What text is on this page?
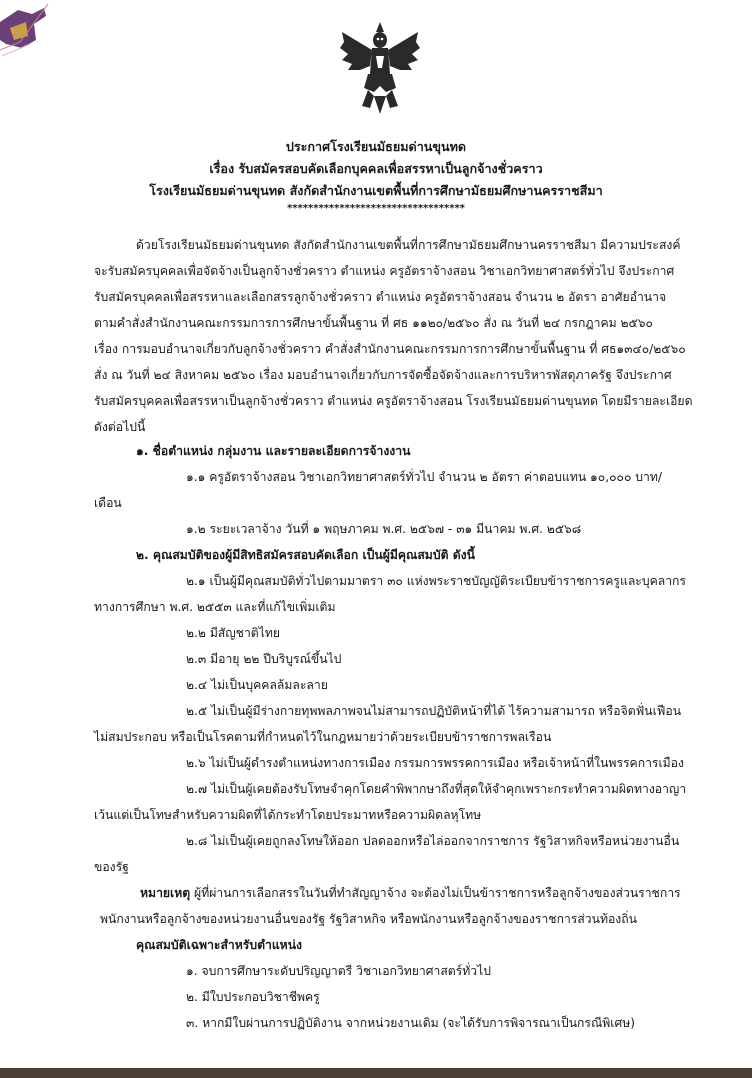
ประกาศโรงเรียนมัธยมด่านขุนทด
เรื่อง รับสมัครสอบคัดเลือกบุคคลเพื่อสรรหาเป็นลูกจ้างชั่วคราว
โรงเรียนมัธยมด่านขุนทด สังกัดสำนักงานเขตพื้นที่การศึกษามัธยมศึกษานครราชสีมา
**********************************
ด้วยโรงเรียนมัธยมด่านขุนทด สังกัดสำนักงานเขตพื้นที่การศึกษามัธยมศึกษานครราชสีมา มีความประสงค์
จะรับสมัครบุคคลเพื่อจัดจ้างเป็นลูกจ้างชั่วคราว ตำแหน่ง ครูอัตราจ้างสอน วิชาเอกวิทยาศาสตร์ทั่วไป จึงประกาศ
รับสมัครบุคคลเพื่อสรรหาและเลือกสรรลูกจ้างชั่วคราว ตำแหน่ง ครูอัตราจ้างสอน จำนวน ๒ อัตรา อาศัยอำนาจ
ตามคำสั่งสำนักงานคณะกรรมการการศึกษาขั้นพื้นฐาน ที่ ศธ ๑๑๒๐/๒๕๖๐ สั่ง ณ วันที่ ๒๔ กรกฎาคม ๒๕๖๐
เรื่อง การมอบอำนาจเกี่ยวกับลูกจ้างชั่วคราว คำสั่งสำนักงานคณะกรรมการการศึกษาขั้นพื้นฐาน ที่ ศธ๑๓๔๐/๒๕๖๐
สั่ง ณ วันที่ ๒๔ สิงหาคม ๒๕๖๐ เรื่อง มอบอำนาจเกี่ยวกับการจัดซื้อจัดจ้างและการบริหารพัสดุภาครัฐ จึงประกาศ
รับสมัครบุคคลเพื่อสรรหาเป็นลูกจ้างชั่วคราว ตำแหน่ง ครูอัตราจ้างสอน โรงเรียนมัธยมด่านขุนทด โดยมีรายละเอียด
ดังต่อไปนี้
๑. ชื่อตำแหน่ง กลุ่มงาน และรายละเอียดการจ้างงาน
๑.๑ ครูอัตราจ้างสอน วิชาเอกวิทยาศาสตร์ทั่วไป จำนวน ๒ อัตรา ค่าตอบแทน ๑๐,๐๐๐ บาท/
เดือน
๑.๒ ระยะเวลาจ้าง วันที่ ๑ พฤษภาคม พ.ศ. ๒๕๖๗ - ๓๑ มีนาคม พ.ศ. ๒๕๖๘
๒. คุณสมบัติของผู้มีสิทธิสมัครสอบคัดเลือก เป็นผู้มีคุณสมบัติ ดังนี้
๒.๑ เป็นผู้มีคุณสมบัติทั่วไปตามมาตรา ๓๐ แห่งพระราชบัญญัติระเบียบข้าราชการครูและบุคลากร
ทางการศึกษา พ.ศ. ๒๕๕๓ และที่แก้ไขเพิ่มเติม
๒.๒ มีสัญชาติไทย
๒.๓ มีอายุ ๒๒ ปีบริบูรณ์ขึ้นไป
๒.๔ ไม่เป็นบุคคลล้มละลาย
๒.๕ ไม่เป็นผู้มีร่างกายทุพพลภาพจนไม่สามารถปฏิบัติหน้าที่ได้ ไร้ความสามารถ หรือจิตฟั่นเฟือน
ไม่สมประกอบ หรือเป็นโรคตามที่กำหนดไว้ในกฎหมายว่าด้วยระเบียบข้าราชการพลเรือน
๒.๖ ไม่เป็นผู้ดำรงตำแหน่งทางการเมือง กรรมการพรรคการเมือง หรือเจ้าหน้าที่ในพรรคการเมือง
๒.๗ ไม่เป็นผู้เคยต้องรับโทษจำคุกโดยคำพิพากษาถึงที่สุดให้จำคุกเพราะกระทำความผิดทางอาญา
เว้นแต่เป็นโทษสำหรับความผิดที่ได้กระทำโดยประมาทหรือความผิดลหุโทษ
๒.๘ ไม่เป็นผู้เคยถูกลงโทษให้ออก ปลดออกหรือไล่ออกจากราชการ รัฐวิสาหกิจหรือหน่วยงานอื่น
ของรัฐ
หมายเหตุ ผู้ที่ผ่านการเลือกสรรในวันที่ทำสัญญาจ้าง จะต้องไม่เป็นข้าราชการหรือลูกจ้างของส่วนราชการ
พนักงานหรือลูกจ้างของหน่วยงานอื่นของรัฐ รัฐวิสาหกิจ หรือพนักงานหรือลูกจ้างของราชการส่วนท้องถิ่น
คุณสมบัติเฉพาะสำหรับตำแหน่ง
๑. จบการศึกษาระดับปริญญาตรี วิชาเอกวิทยาศาสตร์ทั่วไป
๒. มีใบประกอบวิชาชีพครู
๓. หากมีใบผ่านการปฏิบัติงาน จากหน่วยงานเดิม (จะได้รับการพิจารณาเป็นกรณีพิเศษ)
